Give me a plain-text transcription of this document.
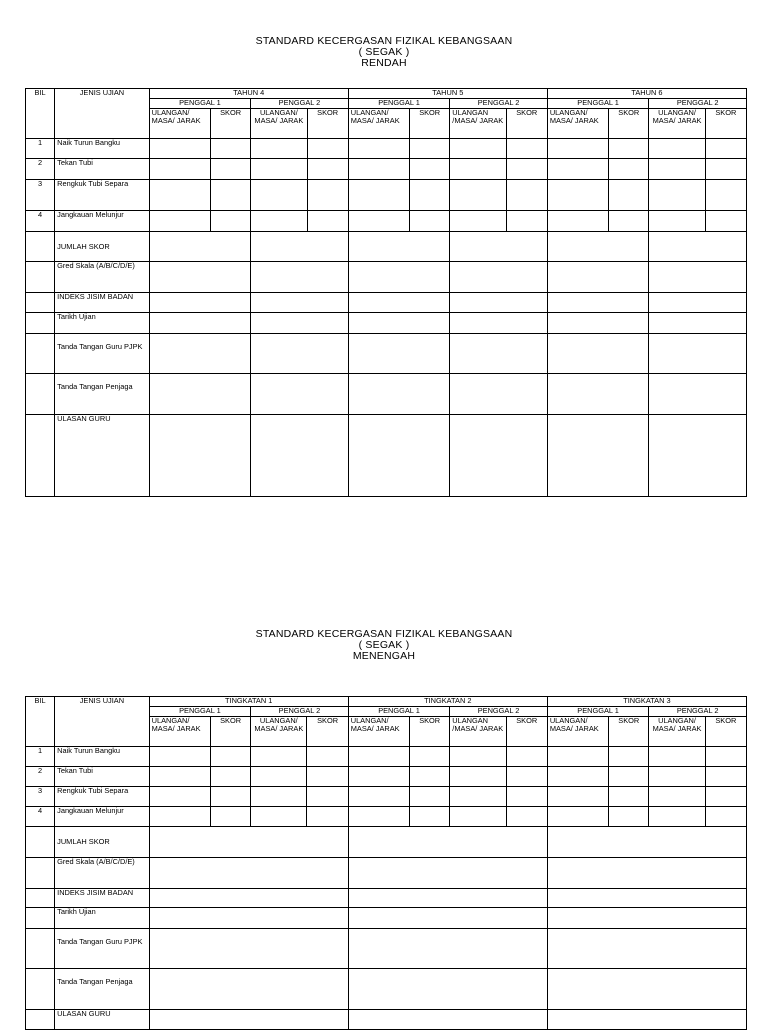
STANDARD KECERGASAN FIZIKAL KEBANGSAAN
( SEGAK )
RENDAH
BIL	JENIS UJIAN	TAHUN 4				TAHUN 5				TAHUN 6			
		PENGGAL 1		PENGGAL 2		PENGGAL 1		PENGGAL 2		PENGGAL 1		PENGGAL 2	
		ULANGAN/ MASA/ JARAK	SKOR	ULANGAN/ MASA/ JARAK	SKOR	ULANGAN/ MASA/ JARAK	SKOR	ULANGAN /MASA/ JARAK	SKOR	ULANGAN/ MASA/ JARAK	SKOR	ULANGAN/ MASA/ JARAK	SKOR
1	Naik Turun Bangku												
2	Tekan Tubi												
3	Rengkuk Tubi Separa												
4	Jangkauan Melunjur												
	JUMLAH SKOR												
	Gred Skala (A/B/C/D/E)												
	INDEKS JISIM BADAN												
	Tarikh Ujian												
	Tanda Tangan Guru PJPK												
	Tanda Tangan Penjaga												
	ULASAN GURU												
STANDARD KECERGASAN FIZIKAL KEBANGSAAN
( SEGAK )
MENENGAH
BIL	JENIS UJIAN	TINGKATAN 1				TINGKATAN 2				TINGKATAN 3			
		PENGGAL 1		PENGGAL 2		PENGGAL 1		PENGGAL 2		PENGGAL 1		PENGGAL 2	
		ULANGAN/ MASA/ JARAK	SKOR	ULANGAN/ MASA/ JARAK	SKOR	ULANGAN/ MASA/ JARAK	SKOR	ULANGAN /MASA/ JARAK	SKOR	ULANGAN/ MASA/ JARAK	SKOR	ULANGAN/ MASA/ JARAK	SKOR
1	Naik Turun Bangku												
2	Tekan Tubi												
3	Rengkuk Tubi Separa												
4	Jangkauan Melunjur												
	JUMLAH SKOR												
	Gred Skala (A/B/C/D/E)												
	INDEKS JISIM BADAN												
	Tarikh Ujian												
	Tanda Tangan Guru PJPK												
	Tanda Tangan Penjaga												
	ULASAN GURU												
